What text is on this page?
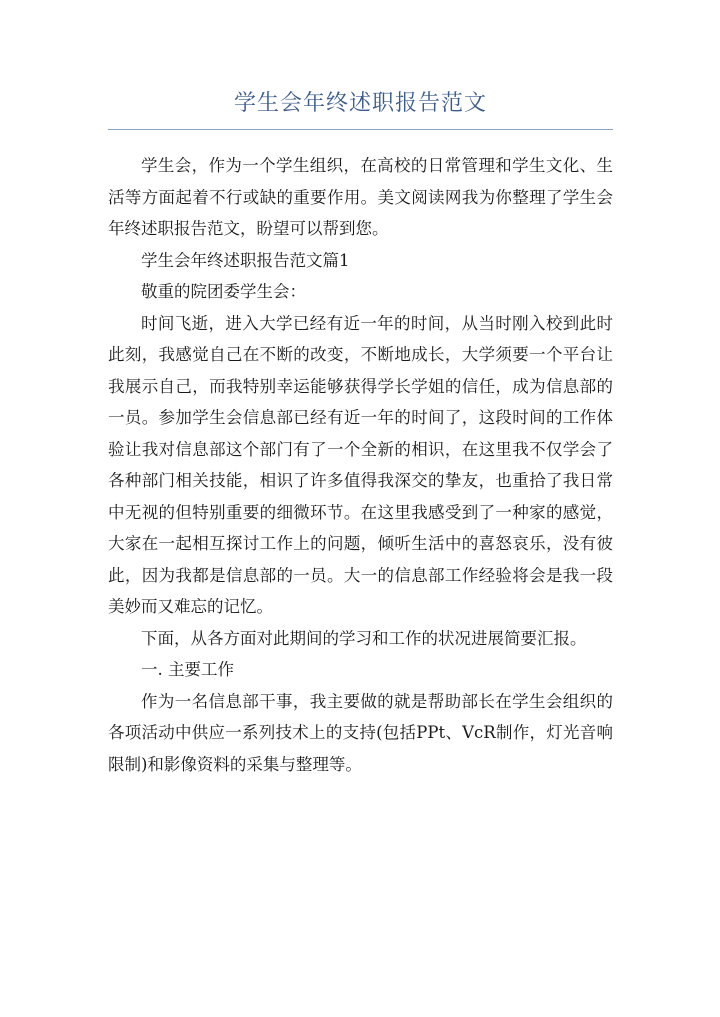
学生会年终述职报告范文

学生会，作为一个学生组织，在高校的日常管理和学生文化、生活等方面起着不行或缺的重要作用。美文阅读网我为你整理了学生会年终述职报告范文，盼望可以帮到您。

学生会年终述职报告范文篇1

敬重的院团委学生会：

时间飞逝，进入大学已经有近一年的时间，从当时刚入校到此时此刻，我感觉自己在不断的改变，不断地成长，大学须要一个平台让我展示自己，而我特别幸运能够获得学长学姐的信任，成为信息部的一员。参加学生会信息部已经有近一年的时间了，这段时间的工作体验让我对信息部这个部门有了一个全新的相识，在这里我不仅学会了各种部门相关技能，相识了许多值得我深交的挚友，也重拾了我日常中无视的但特别重要的细微环节。在这里我感受到了一种家的感觉，大家在一起相互探讨工作上的问题，倾听生活中的喜怒哀乐，没有彼此，因为我都是信息部的一员。大一的信息部工作经验将会是我一段美妙而又难忘的记忆。

下面，从各方面对此期间的学习和工作的状况进展简要汇报。

一. 主要工作

作为一名信息部干事，我主要做的就是帮助部长在学生会组织的各项活动中供应一系列技术上的支持(包括PPt、VcR制作，灯光音响限制)和影像资料的采集与整理等。
